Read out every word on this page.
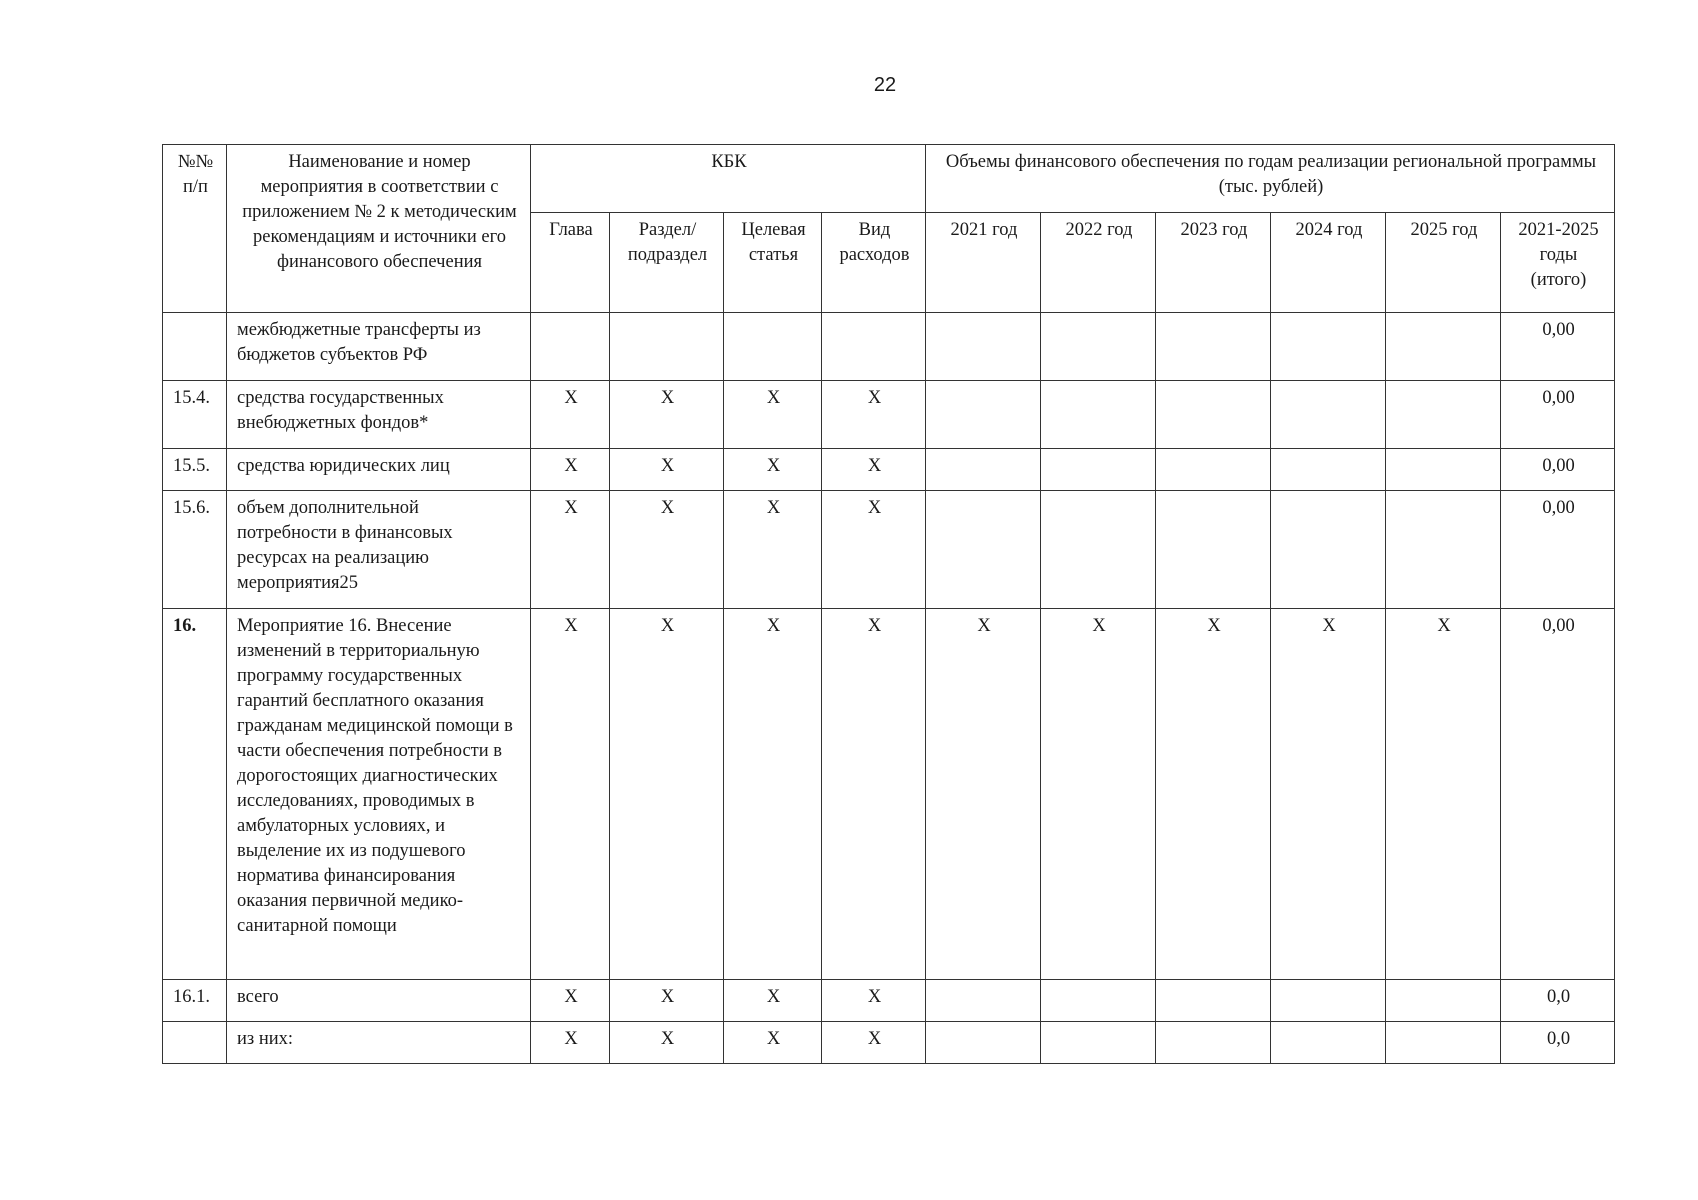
22
№№ п/п	Наименование и номер мероприятия в соответствии с приложением № 2 к методическим рекомендациям и источники его финансового обеспечения	КБК				Объемы финансового обеспечения по годам реализации региональной программы (тыс. рублей)					
		Глава	Раздел/ подраздел	Целевая статья	Вид расходов	2021 год	2022 год	2023 год	2024 год	2025 год	2021-2025 годы (итого)
	межбюджетные трансферты из бюджетов субъектов РФ										0,00
15.4.	средства государственных внебюджетных фондов*	Х	Х	Х	Х						0,00
15.5.	средства юридических лиц	Х	Х	Х	Х						0,00
15.6.	объем дополнительной потребности в финансовых ресурсах на реализацию мероприятия25	Х	Х	Х	Х						0,00
16.	Мероприятие 16. Внесение изменений в территориальную программу государственных гарантий бесплатного оказания гражданам медицинской помощи в части обеспечения потребности в дорогостоящих диагностических исследованиях, проводимых в амбулаторных условиях, и выделение их из подушевого норматива финансирования оказания первичной медико-санитарной помощи	Х	Х	Х	Х	Х	Х	Х	Х	Х	0,00
16.1.	всего	Х	Х	Х	Х						0,0
	из них:	Х	Х	Х	Х						0,0
